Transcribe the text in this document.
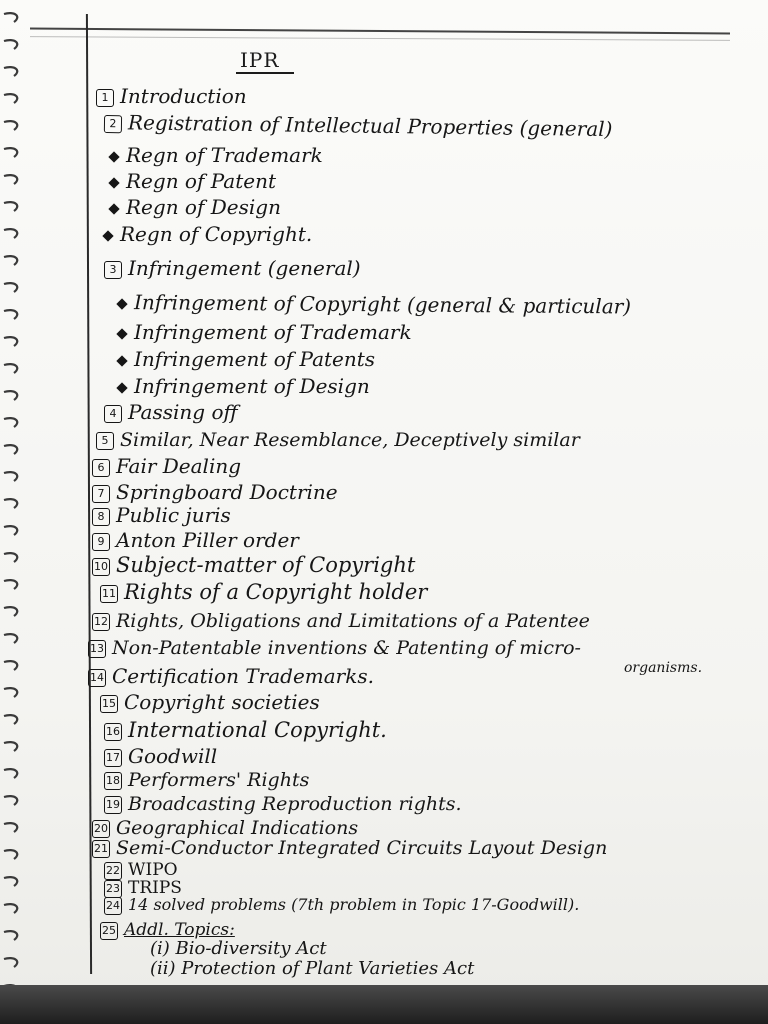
IPR
1 Introduction
2 Registration of Intellectual Properties (general)
Regn of Trademark
Regn of Patent
Regn of Design
Regn of Copyright.
3 Infringement (general)
Infringement of Copyright (general & particular)
Infringement of Trademark
Infringement of Patents
Infringement of Design
4 Passing off
5 Similar, Near Resemblance, Deceptively similar
6 Fair Dealing
7 Springboard Doctrine
8 Public juris
9 Anton Piller order
10 Subject-matter of Copyright
11 Rights of a Copyright holder
12 Rights, Obligations and Limitations of a Patentee
13 Non-Patentable inventions & Patenting of micro-
organisms.
14 Certification Trademarks.
15 Copyright societies
16 International Copyright.
17 Goodwill
18 Performers' Rights
19 Broadcasting Reproduction rights.
20 Geographical Indications
21 Semi-Conductor Integrated Circuits Layout Design
22 WIPO
23 TRIPS
24 14 solved problems (7th problem in Topic 17-Goodwill).
25 Addl. Topics:
(i) Bio-diversity Act
(ii) Protection of Plant Varieties Act
